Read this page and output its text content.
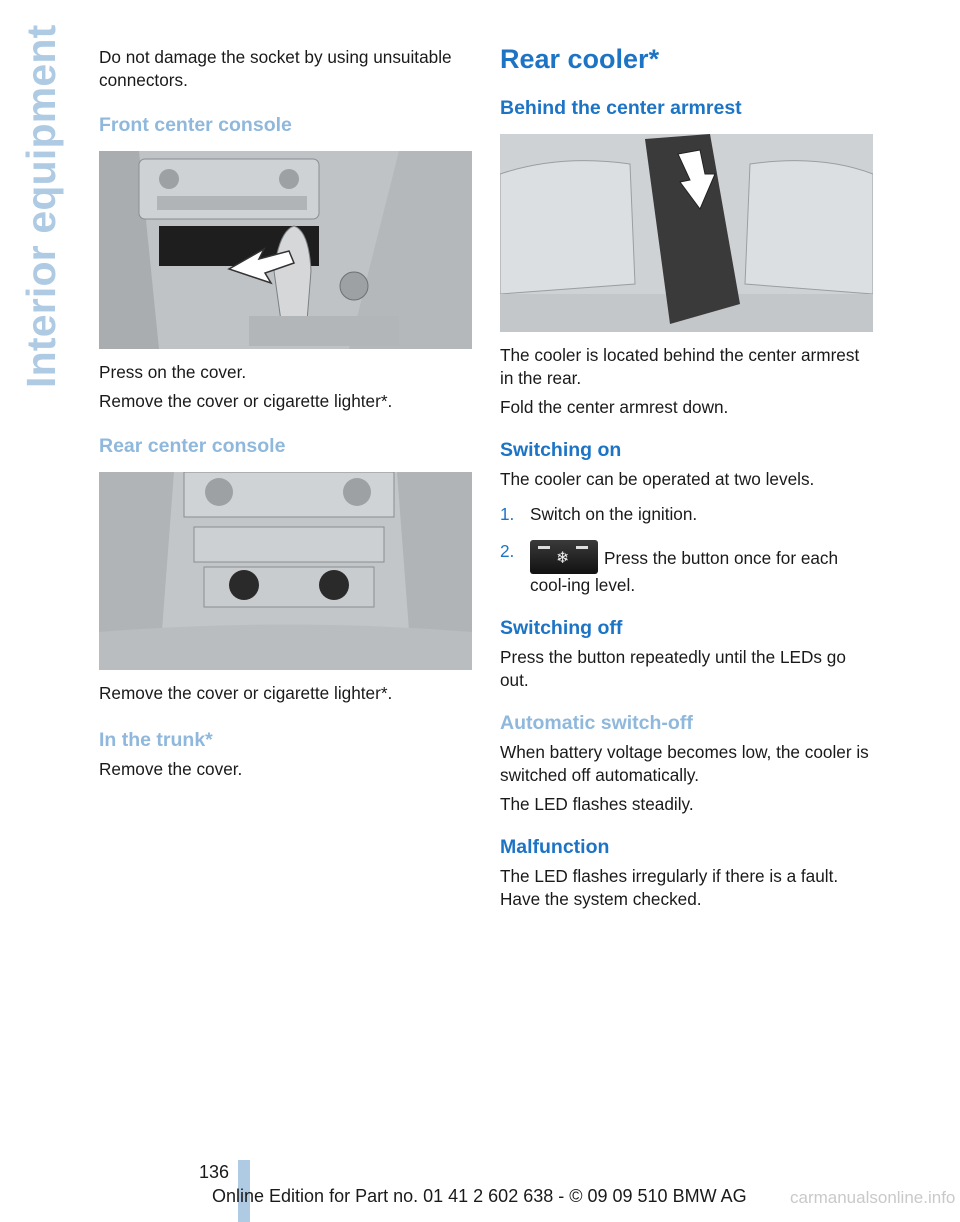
Interior equipment Do not damage the socket by using unsuitable connectors.

Front center console

Press on the cover.

Remove the cover or cigarette lighter*.

Rear center console

Remove the cover or cigarette lighter*.

In the trunk*

Remove the cover.

Rear cooler*
Behind the center armrest

The cooler is located behind the center armrest in the rear.

Fold the center armrest down.

Switching on

The cooler can be operated at two levels.

1. Switch on the ignition.
2.	❄ Press the button once for each cool‐ing level.
Switching off

Press the button repeatedly until the LEDs go out.

Automatic switch-off

When battery voltage becomes low, the cooler is switched off automatically.

The LED flashes steadily.

Malfunction

The LED flashes irregularly if there is a fault. Have the system checked.

136
Online Edition for Part no. 01 41 2 602 638 - © 09 09 510 BMW AG	carmanualsonline.info
